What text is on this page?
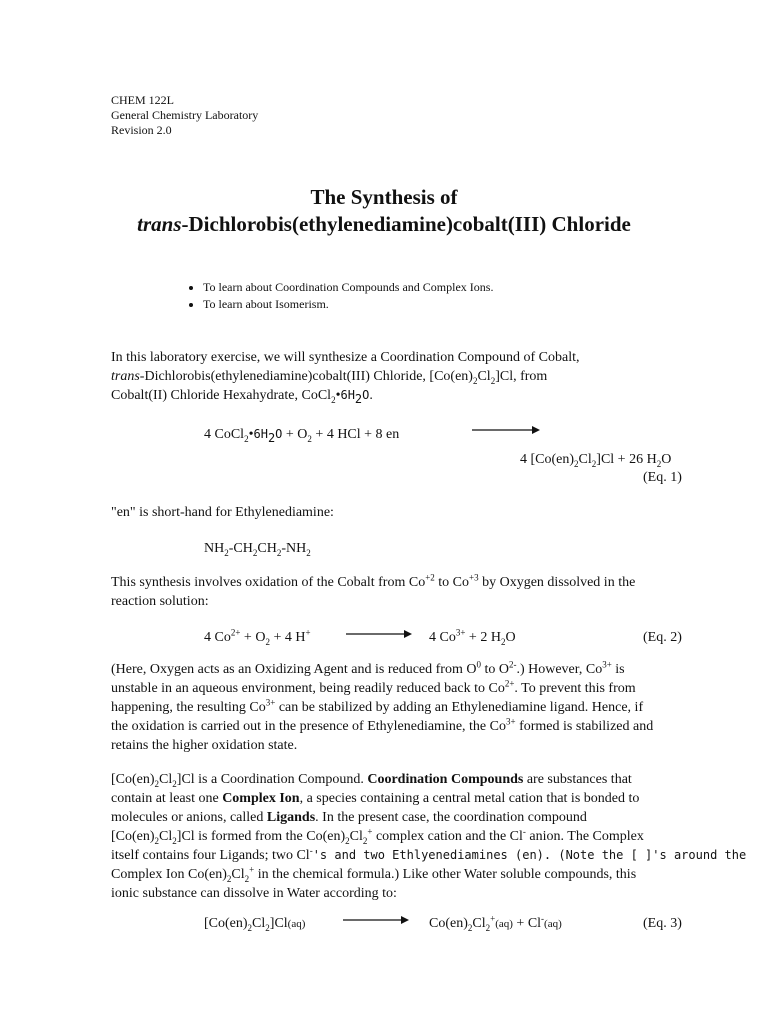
CHEM 122L
General Chemistry Laboratory
Revision 2.0
The Synthesis of
trans-Dichlorobis(ethylenediamine)cobalt(III) Chloride
• To learn about Coordination Compounds and Complex Ions.
• To learn about Isomerism.
In this laboratory exercise, we will synthesize a Coordination Compound of Cobalt,
trans-Dichlorobis(ethylenediamine)cobalt(III) Chloride, $[Co(en)_2Cl_2]Cl$, from
Cobalt(II) Chloride Hexahydrate, $CoCl_2•6H_2O$.
4 $CoCl_2•6H_2O + O_2 + 4$ HCl + 8 en
4 $[Co(en)_2Cl_2]Cl + 26$ $H_2O$
(Eq. 1)
"en" is short-hand for Ethylenediamine:
$NH_2-CH_2CH_2-NH_2$
This synthesis involves oxidation of the Cobalt from $Co^{+2}$ to $Co^{+3}$ by Oxygen dissolved in the
reaction solution:
4 $Co^{2+} + O_2 + 4$ H+	4 $Co^{3+} + 2$ $H_2O$	(Eq. 2)
(Here, Oxygen acts as an Oxidizing Agent and is reduced from $O^0$ to $O^{2-}$.) However, $Co^{3+}$ is
unstable in an aqueous environment, being readily reduced back to $Co^{2+}$. To prevent this from
happening, the resulting $Co^{3+}$ can be stabilized by adding an Ethylenediamine ligand. Hence, if
the oxidation is carried out in the presence of Ethylenediamine, the $Co^{3+}$ formed is stabilized and
retains the higher oxidation state.
$[Co(en)_2Cl_2]Cl$ is a Coordination Compound. Coordination Compounds are substances that
contain at least one Complex Ion, a species containing a central metal cation that is bonded to
molecules or anions, called Ligands. In the present case, the coordination compound
$[Co(en)_2Cl_2]Cl$ is formed from the $Co(en)_2Cl_2^+$ complex cation and the Cl- anion. The Complex
itself contains four Ligands; two Cl-'s and two Ethlyenediamines (en). (Note the [ ]'s around the
Complex Ion $Co(en)_2Cl_2^+$ in the chemical formula.) Like other Water soluble compounds, this
ionic substance can dissolve in Water according to:
$[Co(en)_2Cl_2]Cl(aq)$	$Co(en)_2Cl_2^+(aq) + Cl^-(aq)$	(Eq. 3)
